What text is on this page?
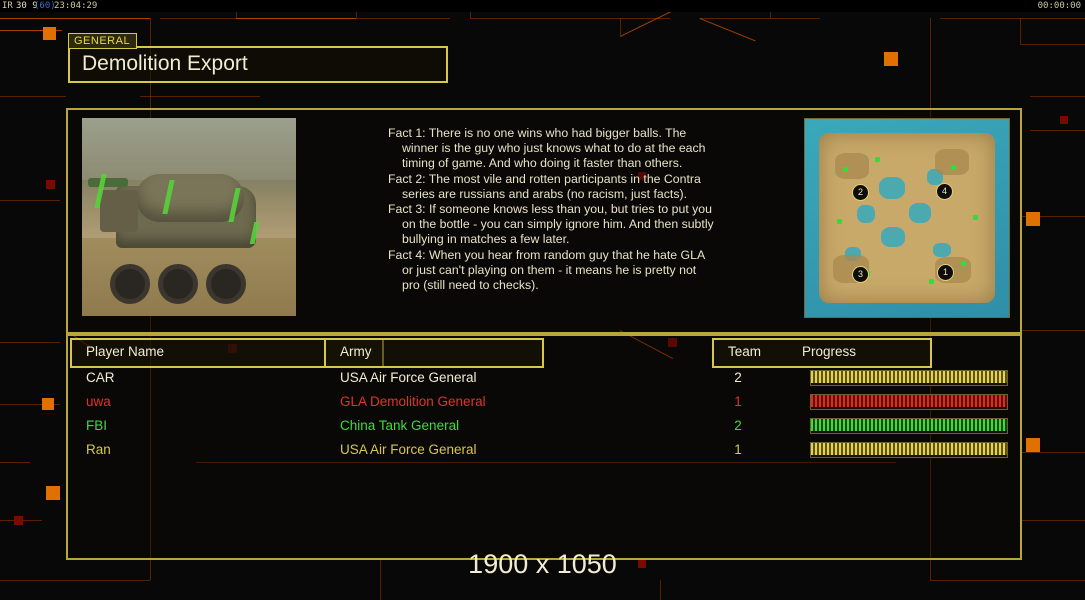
IR 30 9
(60)
23:04:29	00:00:00
GENERAL
Demolition Export
Fact 1: There is no one wins who had bigger balls. The winner is the guy who just knows what to do at the each timing of game. And who doing it faster than others.
Fact 2: The most vile and rotten participants in the Contra series are russians and arabs (no racism, just facts).
Fact 3: If someone knows less than you, but tries to put you on the bottle - you can simply ignore him. And then subtly bullying in matches a few later.
Fact 4: When you hear from random guy that he hate GLA or just can't playing on them - it means he is pretty not pro (still need to checks).
2	4
3	1
Player Name	Army	Team	Progress
CAR	USA Air Force General	2
uwa	GLA Demolition General	1
FBI	China Tank General	2
Ran	USA Air Force General	1
1900 x 1050
